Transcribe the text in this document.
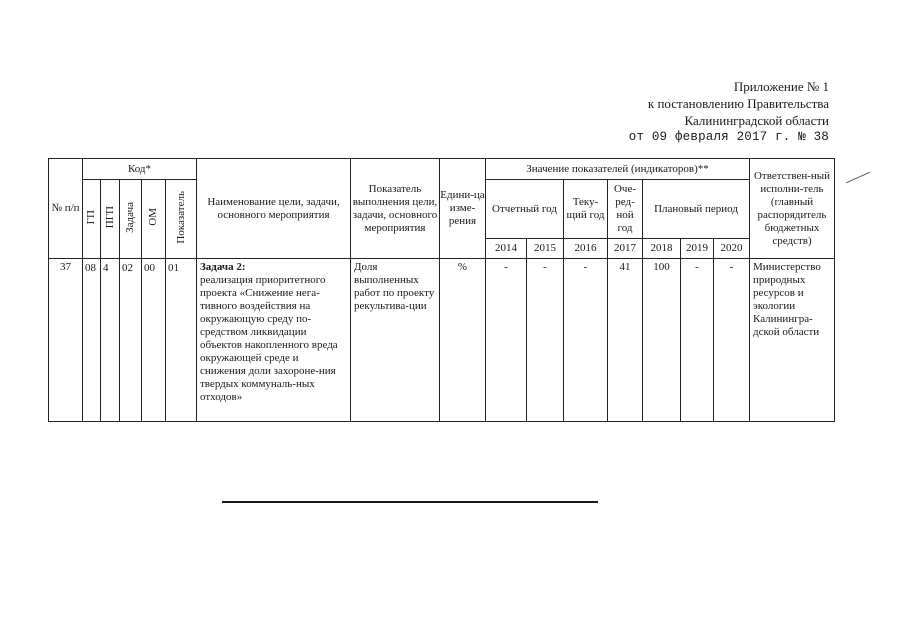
Приложение № 1
к постановлению Правительства
Калининградской области
от 09 февраля 2017 г. № 38
№ п/п	Код*					Наименование цели, задачи, основного мероприятия	Показатель выполнения цели, задачи, основного мероприятия	Едини-ца изме-рения	Значение показателей (индикаторов)**							Ответствен-ный исполни-тель (главный распорядитель бюджетных средств)
	ГП	ПГП	Задача	ОМ	Показатель				Отчетный год		Теку-щий год	Оче-ред-ной год	Плановый период			
									2014	2015	2016	2017	2018	2019	2020	
37	08	4	02	00	01	Задача 2:
реализация приоритетного проекта «Снижение нега-тивного воздействия на окружающую среду по-средством ликвидации объектов накопленного вреда окружающей среде и снижения доли захороне-ния твердых коммуналь-ных отходов»	Доля выполненных работ по проекту рекультива-ции	%	-	-	-	41	100	-	-	Министерство природных ресурсов и экологии Калинингра-дской области
